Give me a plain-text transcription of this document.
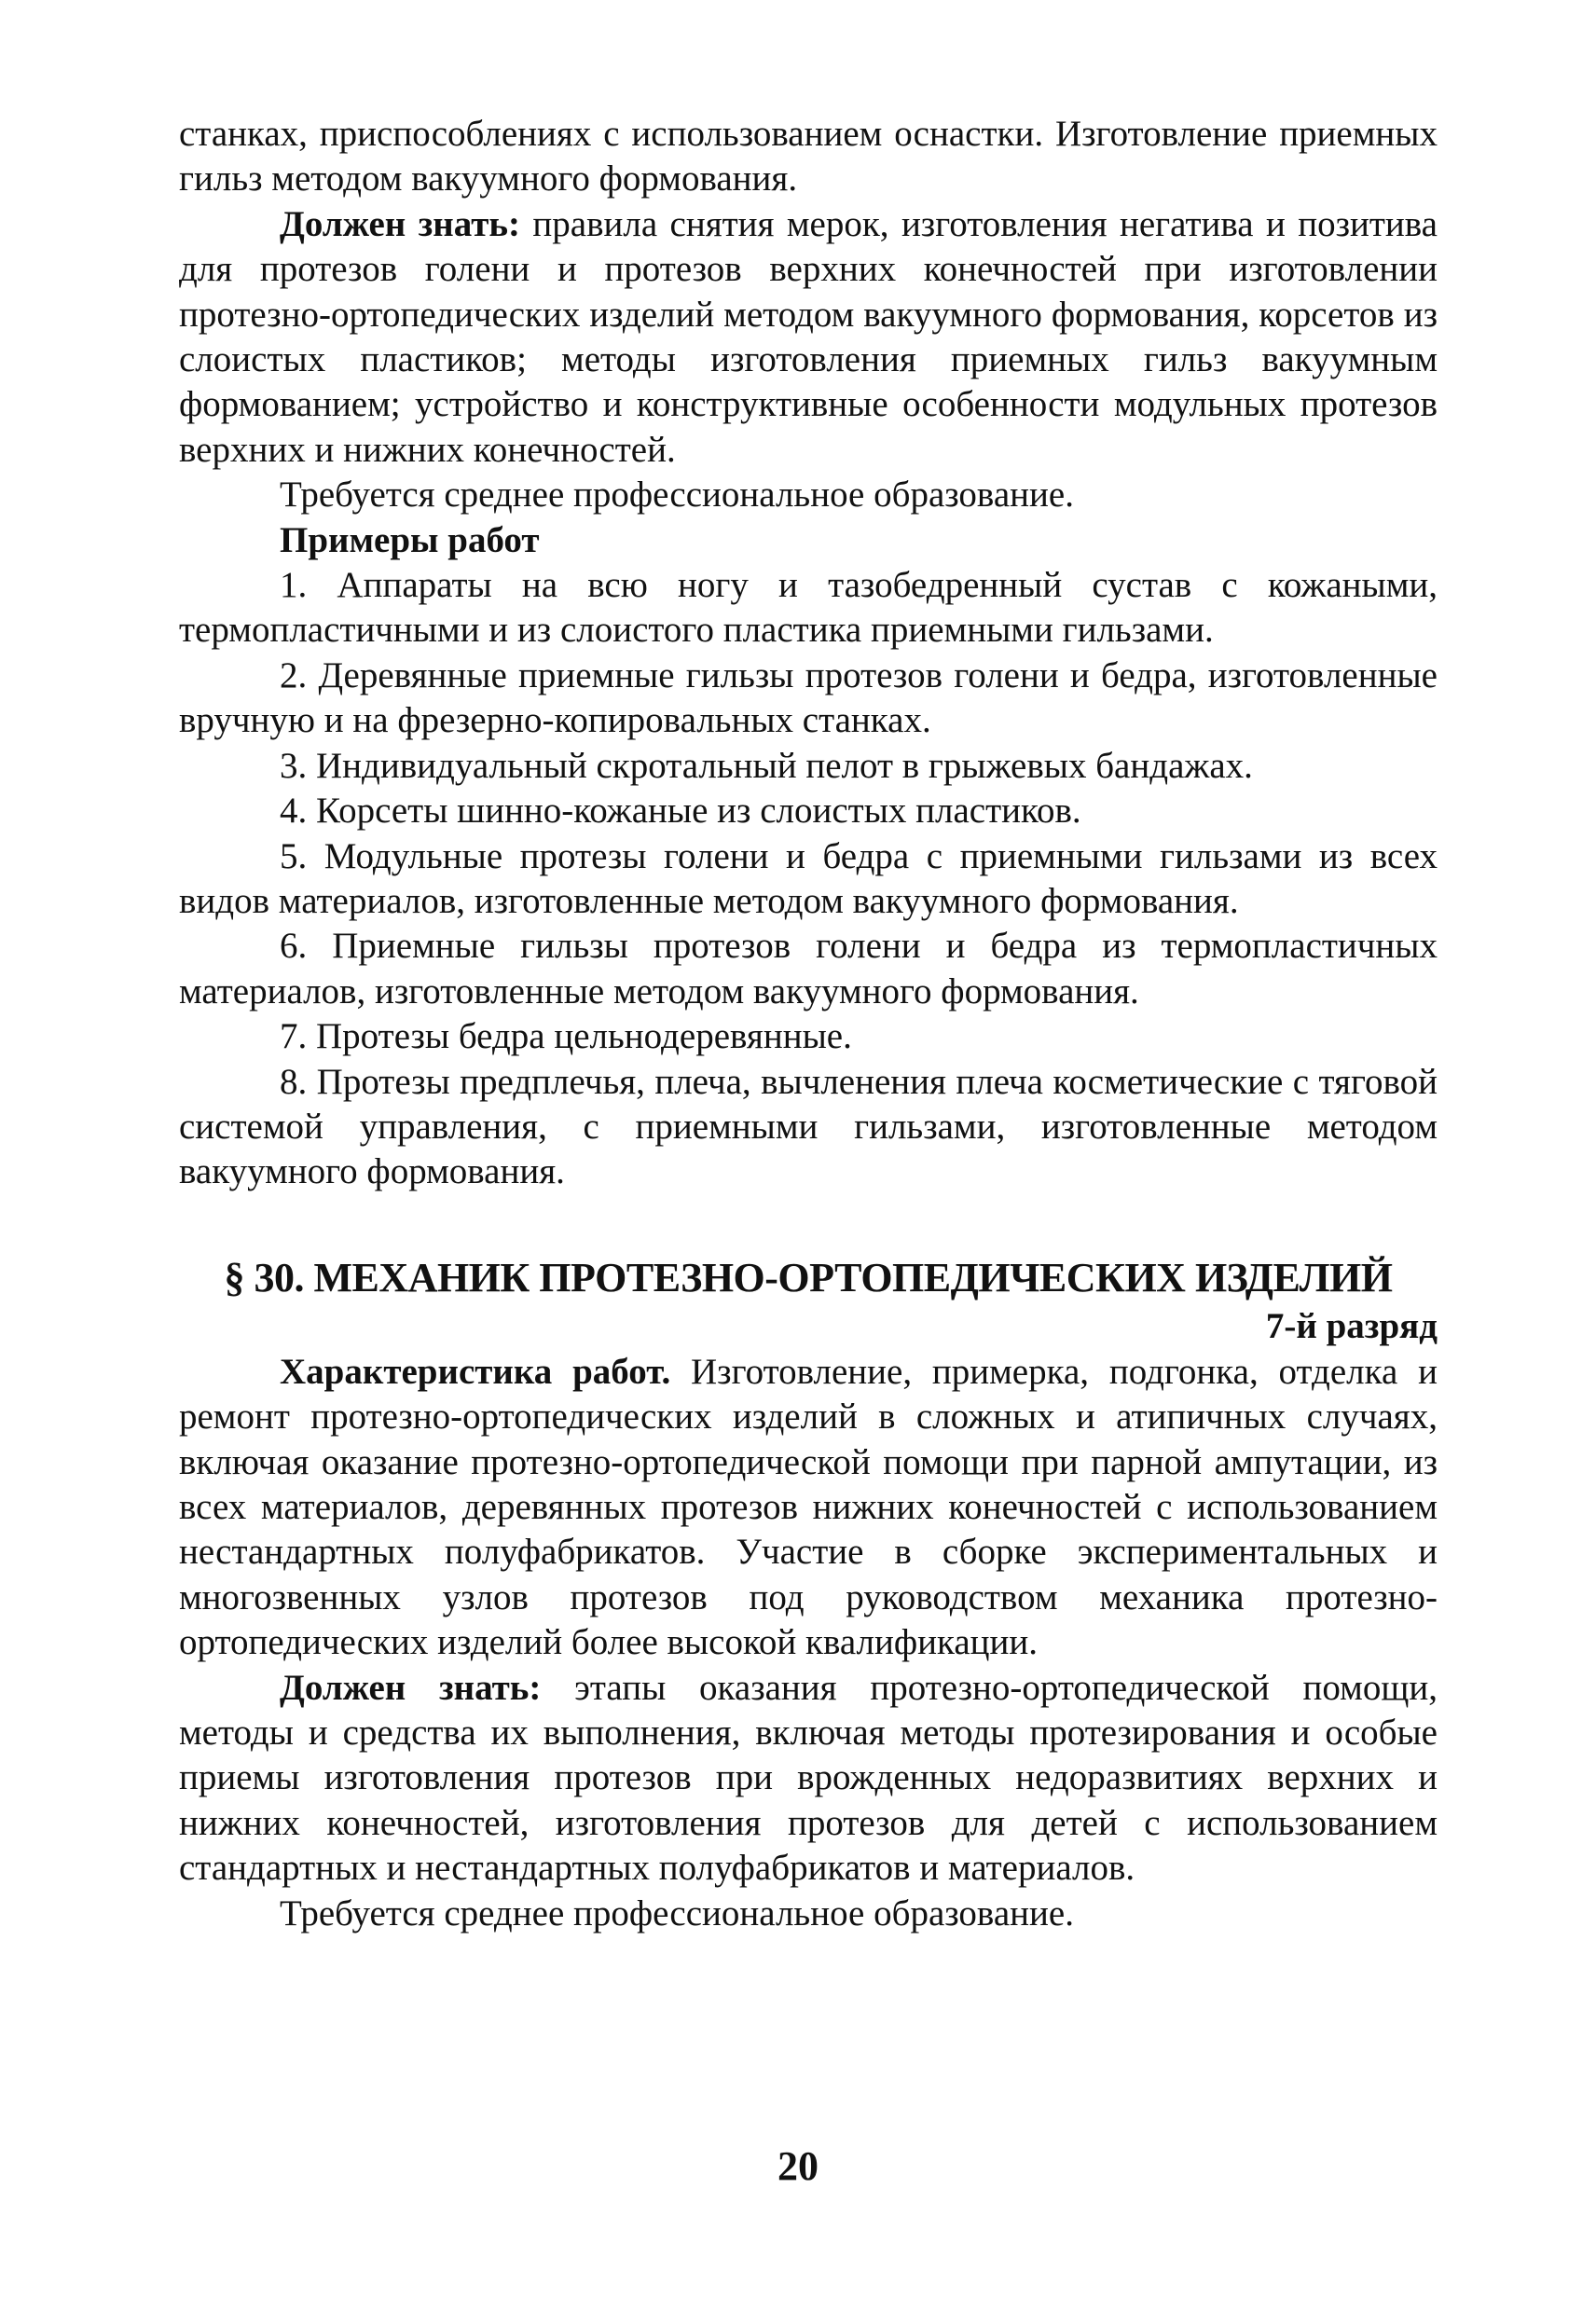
станках, приспособлениях с использованием оснастки. Изготовление приемных гильз методом вакуумного формования.

Должен знать: правила снятия мерок, изготовления негатива и позитива для протезов голени и протезов верхних конечностей при изготовлении протезно-ортопедических изделий методом вакуумного формования, корсетов из слоистых пластиков; методы изготовления приемных гильз вакуумным формованием; устройство и конструктивные особенности модульных протезов верхних и нижних конечностей.

Требуется среднее профессиональное образование.

Примеры работ

1. Аппараты на всю ногу и тазобедренный сустав с кожаными, термопластичными и из слоистого пластика приемными гильзами.
2. Деревянные приемные гильзы протезов голени и бедра, изготовленные вручную и на фрезерно-копировальных станках.
3. Индивидуальный скротальный пелот в грыжевых бандажах.
4. Корсеты шинно-кожаные из слоистых пластиков.
5. Модульные протезы голени и бедра с приемными гильзами из всех видов материалов, изготовленные методом вакуумного формования.
6. Приемные гильзы протезов голени и бедра из термопластичных материалов, изготовленные методом вакуумного формования.
7. Протезы бедра цельнодеревянные.
8. Протезы предплечья, плеча, вычленения плеча косметические с тяговой системой управления, с приемными гильзами, изготовленные методом вакуумного формования.
§ 30. МЕХАНИК ПРОТЕЗНО-ОРТОПЕДИЧЕСКИХ ИЗДЕЛИЙ

7-й разряд

Характеристика работ. Изготовление, примерка, подгонка, отделка и ремонт протезно-ортопедических изделий в сложных и атипичных случаях, включая оказание протезно-ортопедической помощи при парной ампутации, из всех материалов, деревянных протезов нижних конечностей с использованием нестандартных полуфабрикатов. Участие в сборке экспериментальных и многозвенных узлов протезов под руководством механика протезно-ортопедических изделий более высокой квалификации.

Должен знать: этапы оказания протезно-ортопедической помощи, методы и средства их выполнения, включая методы протезирования и особые приемы изготовления протезов при врожденных недоразвитиях верхних и нижних конечностей, изготовления протезов для детей с использованием стандартных и нестандартных полуфабрикатов и материалов.

Требуется среднее профессиональное образование.

20
